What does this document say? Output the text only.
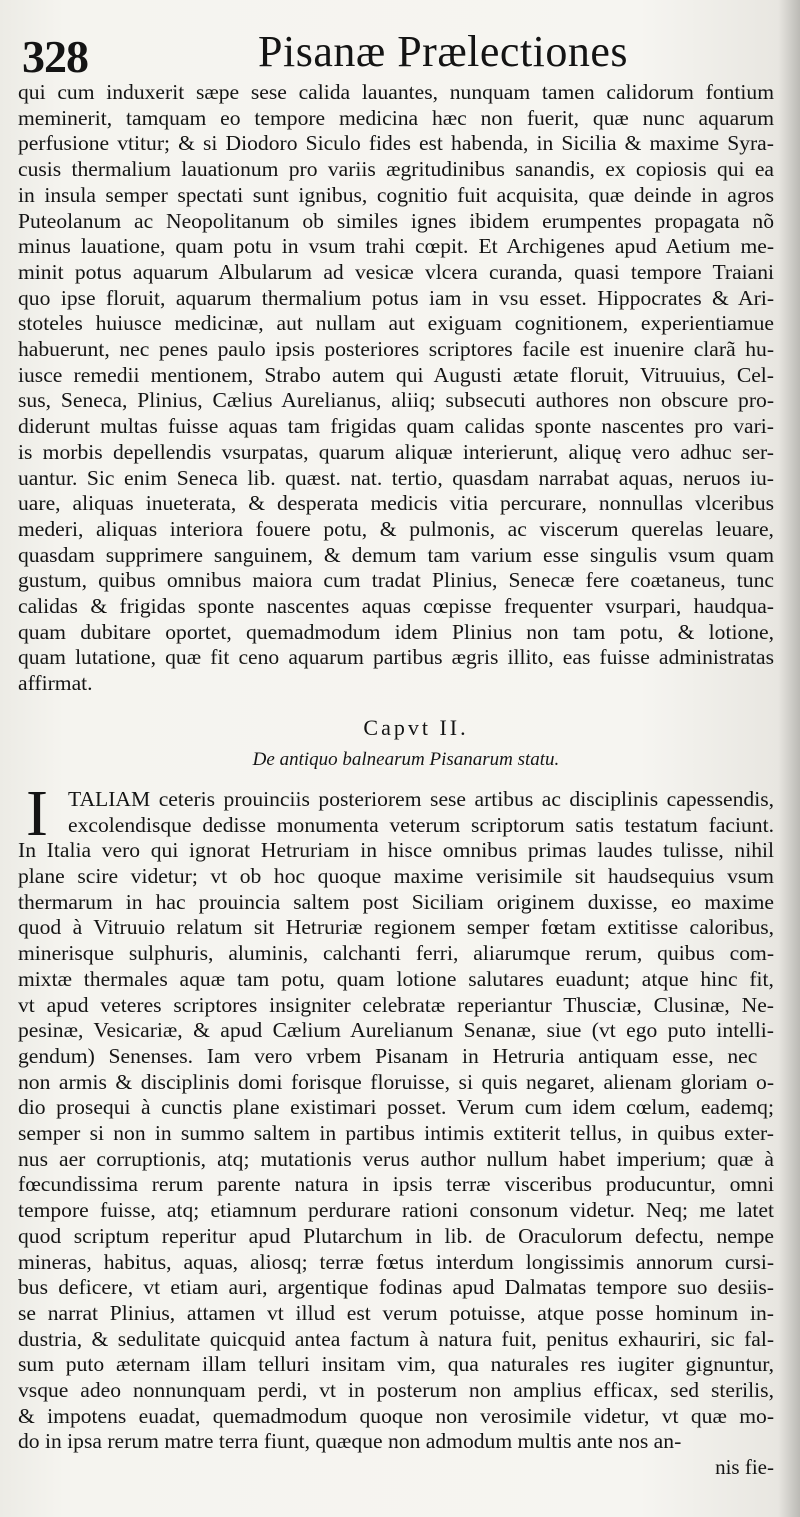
328	Pisanæ Prælectiones

qui cum induxerit sæpe sese calida lauantes, nunquam tamen calidorum fontium
meminerit, tamquam eo tempore medicina hæc non fuerit, quæ nunc aquarum
perfusione vtitur; & si Diodoro Siculo fides est habenda, in Sicilia & maxime Syra-
cusis thermalium lauationum pro variis ægritudinibus sanandis, ex copiosis qui ea
in insula semper spectati sunt ignibus, cognitio fuit acquisita, quæ deinde in agros
Puteolanum ac Neopolitanum ob similes ignes ibidem erumpentes propagata nõ
minus lauatione, quam potu in vsum trahi cœpit. Et Archigenes apud Aetium me-
minit potus aquarum Albularum ad vesicæ vlcera curanda, quasi tempore Traiani
quo ipse floruit, aquarum thermalium potus iam in vsu esset. Hippocrates & Ari-
stoteles huiusce medicinæ, aut nullam aut exiguam cognitionem, experientiamue
habuerunt, nec penes paulo ipsis posteriores scriptores facile est inuenire clarã hu-
iusce remedii mentionem, Strabo autem qui Augusti ætate floruit, Vitruuius, Cel-
sus, Seneca, Plinius, Cælius Aurelianus, aliiq; subsecuti authores non obscure pro-
diderunt multas fuisse aquas tam frigidas quam calidas sponte nascentes pro vari-
is morbis depellendis vsurpatas, quarum aliquæ interierunt, aliquę vero adhuc ser-
uantur. Sic enim Seneca lib. quæst. nat. tertio, quasdam narrabat aquas, neruos iu-
uare, aliquas inueterata, & desperata medicis vitia percurare, nonnullas vlceribus
mederi, aliquas interiora fouere potu, & pulmonis, ac viscerum querelas leuare,
quasdam supprimere sanguinem, & demum tam varium esse singulis vsum quam
gustum, quibus omnibus maiora cum tradat Plinius, Senecæ fere coætaneus, tunc
calidas & frigidas sponte nascentes aquas cœpisse frequenter vsurpari, haudqua-
quam dubitare oportet, quemadmodum idem Plinius non tam potu, & lotione,
quam lutatione, quæ fit ceno aquarum partibus ægris illito, eas fuisse administratas
affirmat.

Capvt II.
De antiquo balnearum Pisanarum statu.
I TALIAM ceteris prouinciis posteriorem sese artibus ac disciplinis capessendis,
excolendisque dedisse monumenta veterum scriptorum satis testatum faciunt.
In Italia vero qui ignorat Hetruriam in hisce omnibus primas laudes tulisse, nihil
plane scire videtur; vt ob hoc quoque maxime verisimile sit haudsequius vsum
thermarum in hac prouincia saltem post Siciliam originem duxisse, eo maxime
quod à Vitruuio relatum sit Hetruriæ regionem semper fœtam extitisse caloribus,
minerisque sulphuris, aluminis, calchanti ferri, aliarumque rerum, quibus com-
mixtæ thermales aquæ tam potu, quam lotione salutares euadunt; atque hinc fit,
vt apud veteres scriptores insigniter celebratæ reperiantur Thusciæ, Clusinæ, Ne-
pesinæ, Vesicariæ, & apud Cælium Aurelianum Senanæ, siue (vt ego puto intelli-
gendum) Senenses. Iam vero vrbem Pisanam in Hetruria antiquam esse, nec
non armis & disciplinis domi forisque floruisse, si quis negaret, alienam gloriam o-
dio prosequi à cunctis plane existimari posset. Verum cum idem cœlum, eademq;
semper si non in summo saltem in partibus intimis extiterit tellus, in quibus exter-
nus aer corruptionis, atq; mutationis verus author nullum habet imperium; quæ à
fœcundissima rerum parente natura in ipsis terræ visceribus producuntur, omni
tempore fuisse, atq; etiamnum perdurare rationi consonum videtur. Neq; me latet
quod scriptum reperitur apud Plutarchum in lib. de Oraculorum defectu, nempe
mineras, habitus, aquas, aliosq; terræ fœtus interdum longissimis annorum cursi-
bus deficere, vt etiam auri, argentique fodinas apud Dalmatas tempore suo desiis-
se narrat Plinius, attamen vt illud est verum potuisse, atque posse hominum in-
dustria, & sedulitate quicquid antea factum à natura fuit, penitus exhauriri, sic fal-
sum puto æternam illam telluri insitam vim, qua naturales res iugiter gignuntur,
vsque adeo nonnunquam perdi, vt in posterum non amplius efficax, sed sterilis,
& impotens euadat, quemadmodum quoque non verosimile videtur, vt quæ mo-
do in ipsa rerum matre terra fiunt, quæque non admodum multis ante nos an-

nis fie-
